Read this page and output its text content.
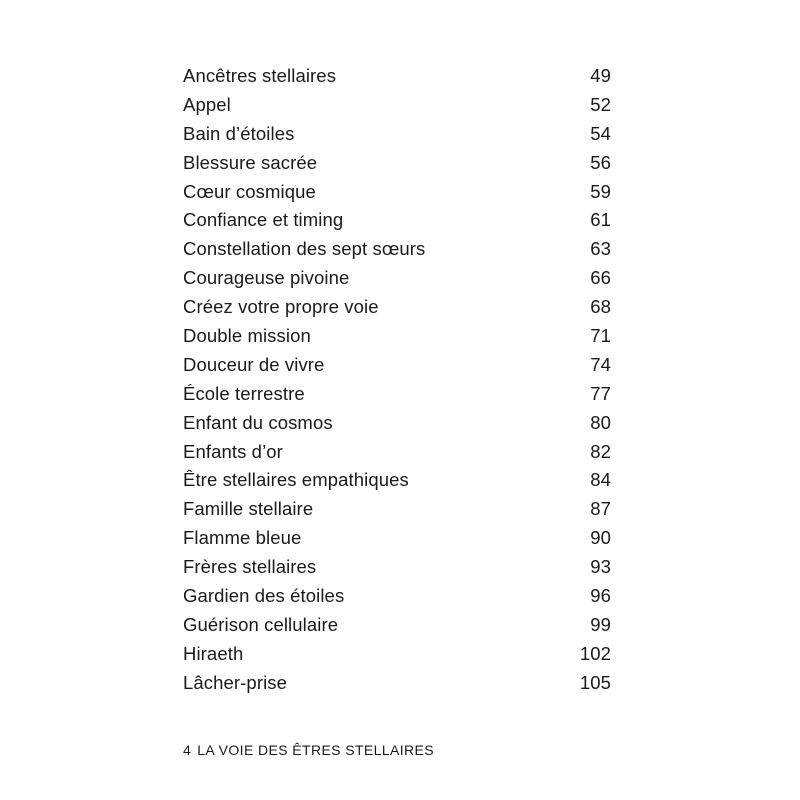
Ancêtres stellaires	49
Appel	52
Bain d’étoiles	54
Blessure sacrée	56
Cœur cosmique	59
Confiance et timing	61
Constellation des sept sœurs	63
Courageuse pivoine	66
Créez votre propre voie	68
Double mission	71
Douceur de vivre	74
École terrestre	77
Enfant du cosmos	80
Enfants d’or	82
Être stellaires empathiques	84
Famille stellaire	87
Flamme bleue	90
Frères stellaires	93
Gardien des étoiles	96
Guérison cellulaire	99
Hiraeth	102
Lâcher-prise	105
4 LA VOIE DES ÊTRES STELLAIRES
